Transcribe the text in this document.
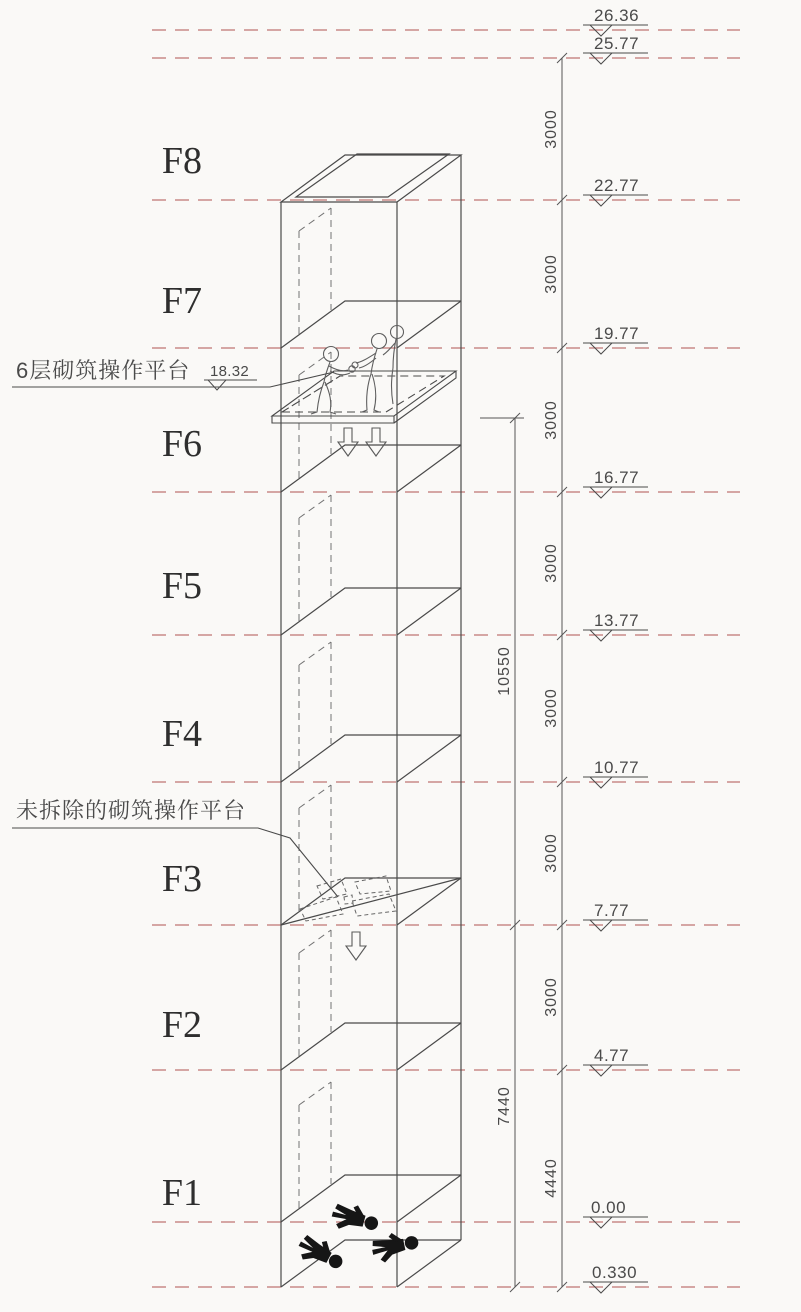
3000
3000
3000
3000
3000
3000
3000
4440
10550
7440
26.36
25.77
22.77
19.77
16.77
13.77
10.77
7.77
4.77
0.00
0.330
18.32
F8
F7
F6
F5
F4
F3
F2
F1
6层砌筑操作平台
未拆除的砌筑操作平台
